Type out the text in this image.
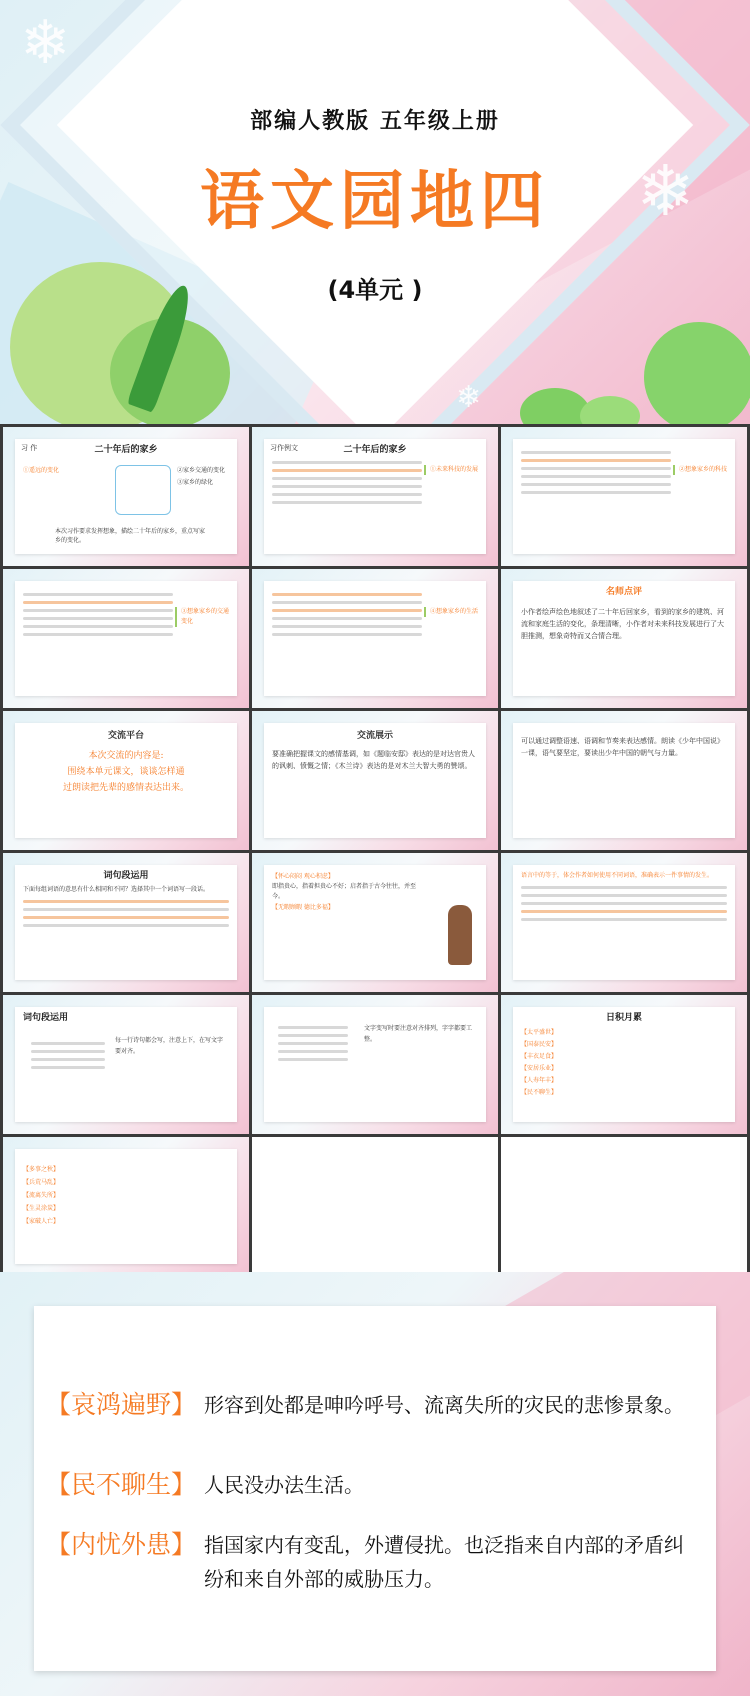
❄
❄
❄
部编人教版 五年级上册
语文园地四
(4单元 )
习 作	二十年后的家乡
①遥远的变化	②家乡交通的变化
③家乡的绿化
本次习作要求发挥想象，描绘二十年后的家乡，重点写家乡的变化。
习作例文	二十年后的家乡
①未来科技的发展	②想象家乡的科技
③想象家乡的交通变化
④想象家乡的生活
名师点评
小作者绘声绘色地叙述了二十年后回家乡，看到的家乡的建筑、河流和家庭生活的变化，条理清晰，小作者对未来科技发展进行了大胆推测，想象奇特而又合情合理。
交流平台
本次交流的内容是:
围绕本单元课文，谈谈怎样通
过朗读把先辈的感情表达出来。
交流展示
要准确把握课文的感情基调，如《题临安邸》表达的是对达官贵人的讽刺、愤慨之情；《木兰诗》表达的是对木兰大智大勇的赞颂。
可以通过调整语速、语调和节奏来表达感情。朗读《少年中国说》一课，语气要坚定，要读出少年中国的朝气与力量。
词句段运用
下面每组词语的意思有什么相同和不同？选择其中一个词语写一段话。
【怀心闷闷 观心积虑】
即指贵心，指着担贵心不好；启者指于古今往往，并至今。
【无暇顾暇 德比多福】
语言中的等于，体会作者如何使用不同词语，准确表示一件事情的发生。
词句段运用
每一行诗句都会写，注意上下，在写文字要对齐。
文字变写时要注意对齐排列，字字都要工整。
日积月累
【太平盛世】
【国泰民安】
【丰衣足食】
【安居乐业】
【人寿年丰】
【民不聊生】
【多事之秋】
【兵荒马乱】
【流离失所】
【生灵涂炭】
【家破人亡】
【哀鸿遍野】 形容到处都是呻吟呼号、流离失所的灾民的悲惨景象。
【民不聊生】 人民没办法生活。
【内忧外患】 指国家内有变乱，外遭侵扰。也泛指来自内部的矛盾纠纷和来自外部的威胁压力。
